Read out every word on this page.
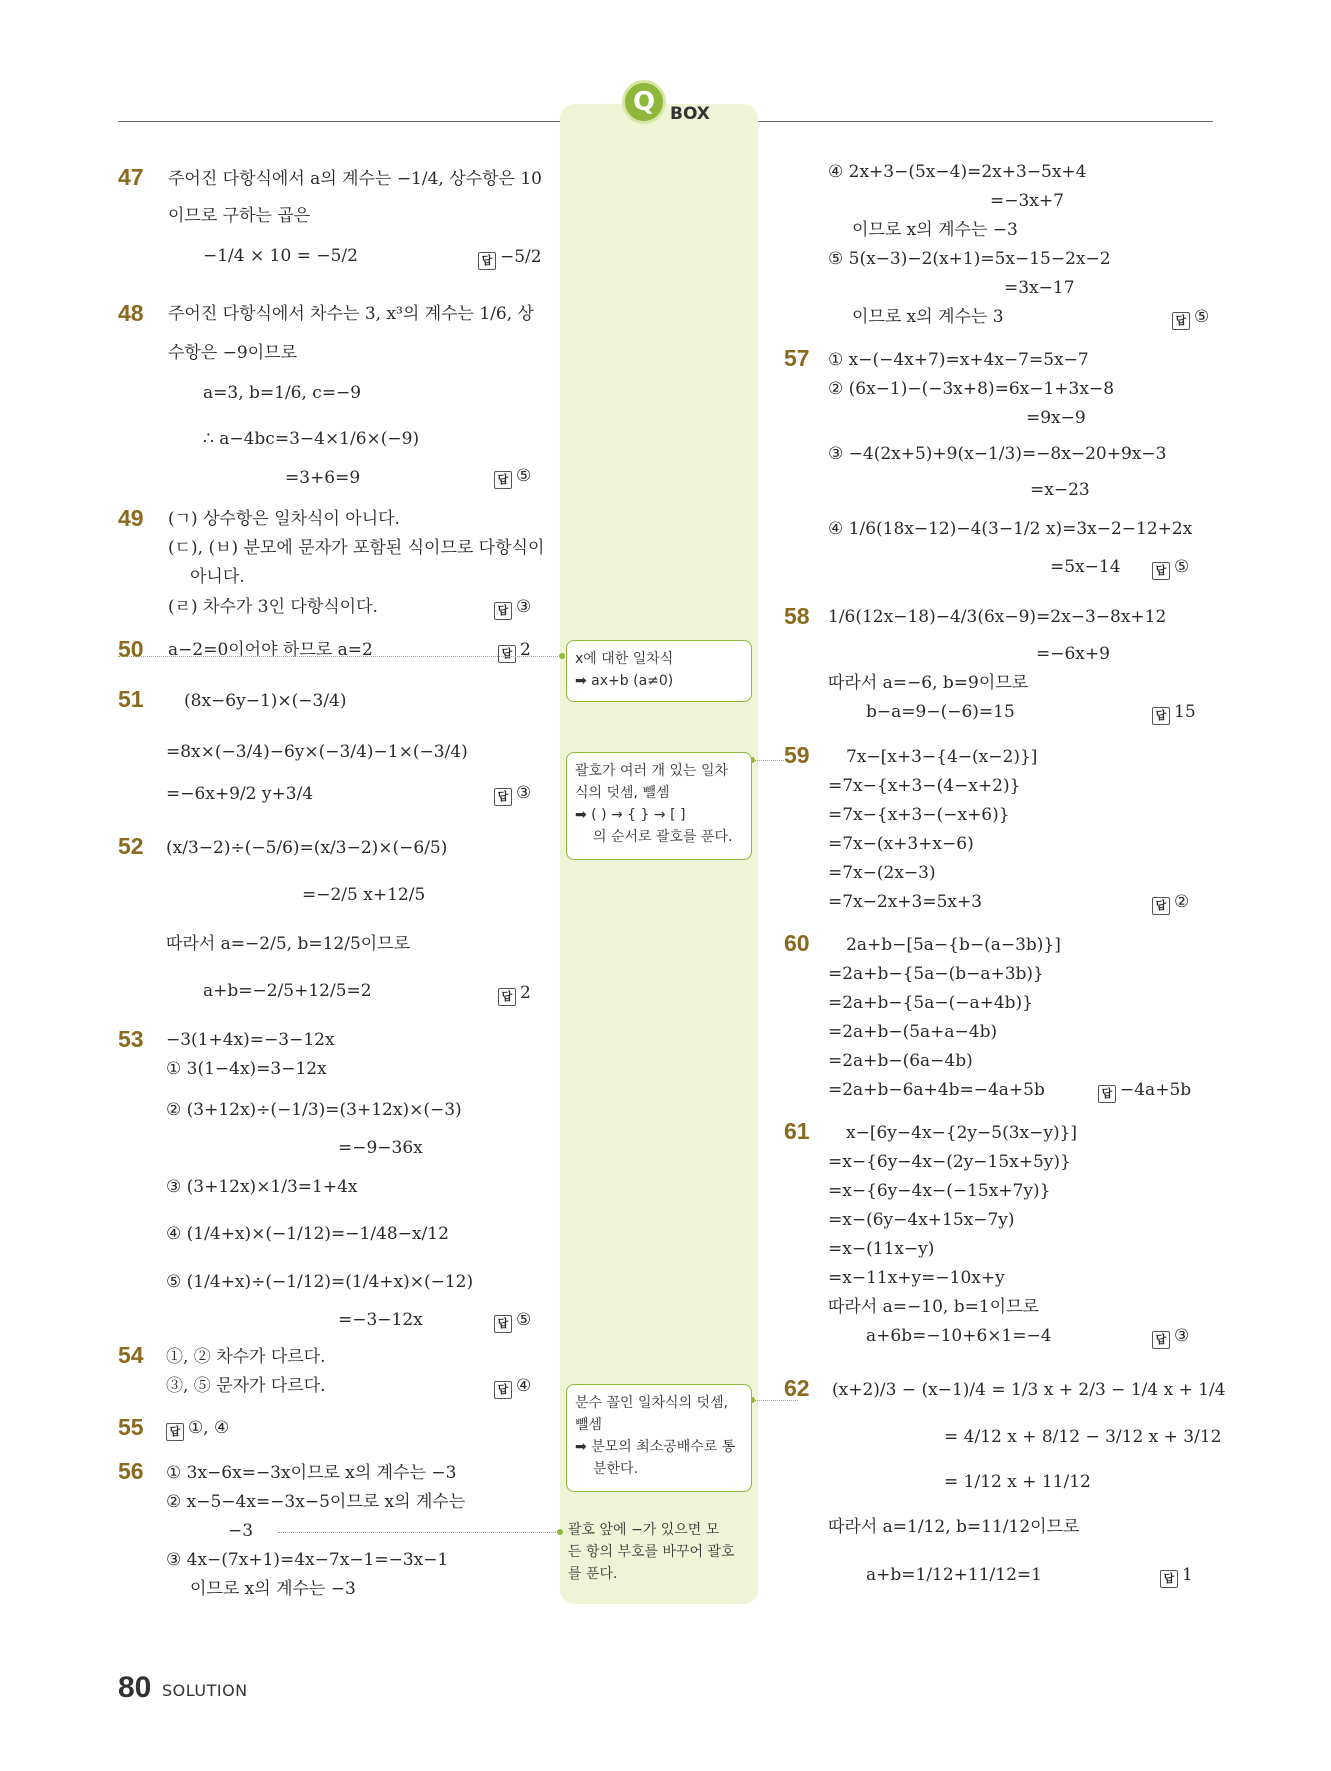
Q BOX
47 주어진 다항식에서 a의 계수는 −1/4, 상수항은 10
이므로 구하는 곱은
−1/4 × 10 = −5/2	답 −5/2
48 주어진 다항식에서 차수는 3, x³의 계수는 1/6, 상
수항은 −9이므로
a=3, b=1/6, c=−9
∴ a−4bc=3−4×1/6×(−9)
=3+6=9	답 ⑤
49 (ㄱ) 상수항은 일차식이 아니다.
(ㄷ), (ㅂ) 분모에 문자가 포함된 식이므로 다항식이
아니다.
(ㄹ) 차수가 3인 다항식이다.	답 ③
50 a−2=0이어야 하므로 a=2	답 2
51 (8x−6y−1)×(−3/4)
=8x×(−3/4)−6y×(−3/4)−1×(−3/4)
=−6x+9/2 y+3/4	답 ③
52 (x/3−2)÷(−5/6)=(x/3−2)×(−6/5)
=−2/5 x+12/5
따라서 a=−2/5, b=12/5이므로
a+b=−2/5+12/5=2	답 2
53 −3(1+4x)=−3−12x
① 3(1−4x)=3−12x
② (3+12x)÷(−1/3)=(3+12x)×(−3)
=−9−36x
③ (3+12x)×1/3=1+4x
④ (1/4+x)×(−1/12)=−1/48−x/12
⑤ (1/4+x)÷(−1/12)=(1/4+x)×(−12)
=−3−12x	답 ⑤
54 ①, ② 차수가 다르다.
③, ⑤ 문자가 다르다.	답 ④
55	답 ①, ④
56 ① 3x−6x=−3x이므로 x의 계수는 −3
② x−5−4x=−3x−5이므로 x의 계수는
−3
③ 4x−(7x+1)=4x−7x−1=−3x−1
이므로 x의 계수는 −3
④ 2x+3−(5x−4)=2x+3−5x+4
=−3x+7
이므로 x의 계수는 −3
⑤ 5(x−3)−2(x+1)=5x−15−2x−2
=3x−17
이므로 x의 계수는 3	답 ⑤
57 ① x−(−4x+7)=x+4x−7=5x−7
② (6x−1)−(−3x+8)=6x−1+3x−8
=9x−9
③ −4(2x+5)+9(x−1/3)=−8x−20+9x−3
=x−23
④ 1/6(18x−12)−4(3−1/2 x)=3x−2−12+2x
=5x−14	답 ⑤
58 1/6(12x−18)−4/3(6x−9)=2x−3−8x+12
=−6x+9
따라서 a=−6, b=9이므로
b−a=9−(−6)=15	답 15
59 7x−[x+3−{4−(x−2)}]
=7x−{x+3−(4−x+2)}
=7x−{x+3−(−x+6)}
=7x−(x+3+x−6)
=7x−(2x−3)
=7x−2x+3=5x+3	답 ②
60 2a+b−[5a−{b−(a−3b)}]
=2a+b−{5a−(b−a+3b)}
=2a+b−{5a−(−a+4b)}
=2a+b−(5a+a−4b)
=2a+b−(6a−4b)
=2a+b−6a+4b=−4a+5b	답 −4a+5b
61 x−[6y−4x−{2y−5(3x−y)}]
=x−{6y−4x−(2y−15x+5y)}
=x−{6y−4x−(−15x+7y)}
=x−(6y−4x+15x−7y)
=x−(11x−y)
=x−11x+y=−10x+y
따라서 a=−10, b=1이므로
a+6b=−10+6×1=−4	답 ③
62 (x+2)/3 − (x−1)/4 = 1/3 x + 2/3 − 1/4 x + 1/4
= 4/12 x + 8/12 − 3/12 x + 3/12
= 1/12 x + 11/12
따라서 a=1/12, b=11/12이므로
a+b=1/12+11/12=1	답 1
x에 대한 일차식
➡ ax+b (a≠0)
괄호가 여러 개 있는 일차
식의 덧셈, 뺄셈
➡ ( ) → { } → [ ]
의 순서로 괄호를 푼다.
분수 꼴인 일차식의 덧셈,
뺄셈
➡ 분모의 최소공배수로 통
분한다.
괄호 앞에 −가 있으면 모
든 항의 부호를 바꾸어 괄호
를 푼다.
80 SOLUTION
